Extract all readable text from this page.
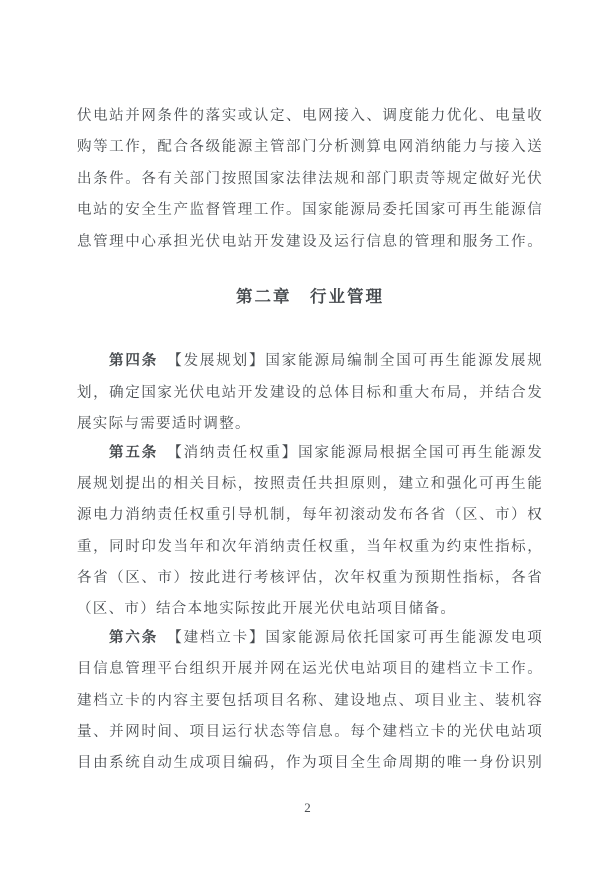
伏电站并网条件的落实或认定、电网接入、调度能力优化、电量收
购等工作，配合各级能源主管部门分析测算电网消纳能力与接入送
出条件。各有关部门按照国家法律法规和部门职责等规定做好光伏
电站的安全生产监督管理工作。国家能源局委托国家可再生能源信
息管理中心承担光伏电站开发建设及运行信息的管理和服务工作。
第二章　行业管理
第四条　【发展规划】国家能源局编制全国可再生能源发展规
划，确定国家光伏电站开发建设的总体目标和重大布局，并结合发
展实际与需要适时调整。
第五条　【消纳责任权重】国家能源局根据全国可再生能源发
展规划提出的相关目标，按照责任共担原则，建立和强化可再生能
源电力消纳责任权重引导机制，每年初滚动发布各省（区、市）权
重，同时印发当年和次年消纳责任权重，当年权重为约束性指标，
各省（区、市）按此进行考核评估，次年权重为预期性指标，各省
（区、市）结合本地实际按此开展光伏电站项目储备。
第六条　【建档立卡】国家能源局依托国家可再生能源发电项
目信息管理平台组织开展并网在运光伏电站项目的建档立卡工作。
建档立卡的内容主要包括项目名称、建设地点、项目业主、装机容
量、并网时间、项目运行状态等信息。每个建档立卡的光伏电站项
目由系统自动生成项目编码，作为项目全生命周期的唯一身份识别
2
